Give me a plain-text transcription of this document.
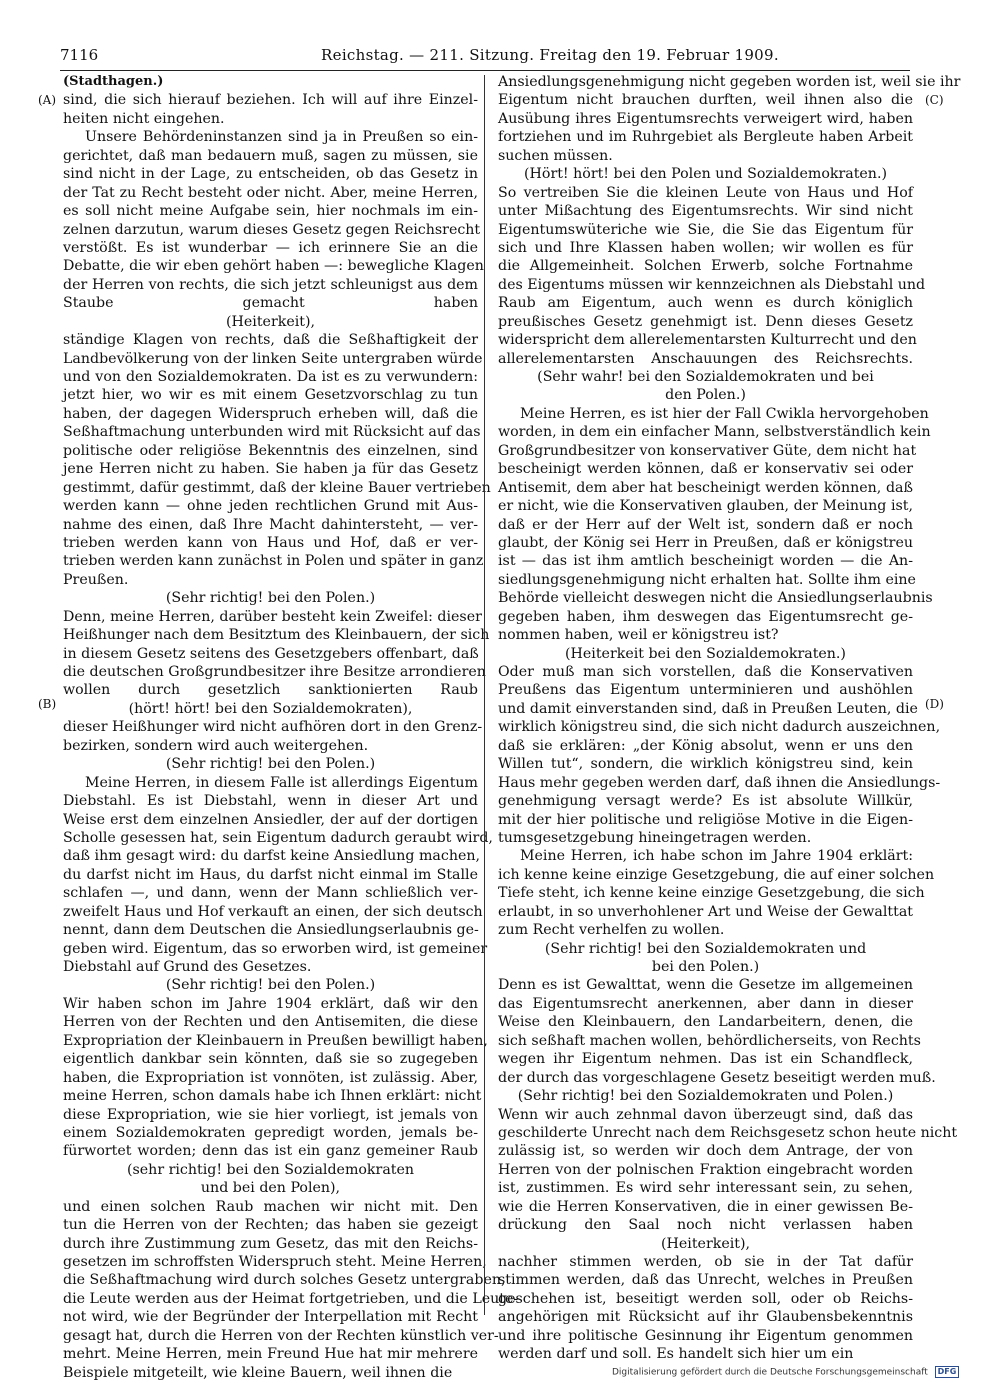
7116	Reichstag. — 211. Sitzung. Freitag den 19. Februar 1909.
(A)
(B)
(C)
(D)
(Stadthagen.)
sind, die sich hierauf beziehen. Ich will auf ihre Einzel-
heiten nicht eingehen.
Unsere Behördeninstanzen sind ja in Preußen so ein-
gerichtet, daß man bedauern muß, sagen zu müssen, sie
sind nicht in der Lage, zu entscheiden, ob das Gesetz in
der Tat zu Recht besteht oder nicht. Aber, meine Herren,
es soll nicht meine Aufgabe sein, hier nochmals im ein-
zelnen darzutun, warum dieses Gesetz gegen Reichsrecht
verstößt. Es ist wunderbar — ich erinnere Sie an die
Debatte, die wir eben gehört haben —: bewegliche Klagen
der Herren von rechts, die sich jetzt schleunigst aus dem
Staube gemacht haben
(Heiterkeit),
ständige Klagen von rechts, daß die Seßhaftigkeit der
Landbevölkerung von der linken Seite untergraben würde
und von den Sozialdemokraten. Da ist es zu verwundern:
jetzt hier, wo wir es mit einem Gesetzvorschlag zu tun
haben, der dagegen Widerspruch erheben will, daß die
Seßhaftmachung unterbunden wird mit Rücksicht auf das
politische oder religiöse Bekenntnis des einzelnen, sind
jene Herren nicht zu haben. Sie haben ja für das Gesetz
gestimmt, dafür gestimmt, daß der kleine Bauer vertrieben
werden kann — ohne jeden rechtlichen Grund mit Aus-
nahme des einen, daß Ihre Macht dahintersteht, — ver-
trieben werden kann von Haus und Hof, daß er ver-
trieben werden kann zunächst in Polen und später in ganz
Preußen.
(Sehr richtig! bei den Polen.)
Denn, meine Herren, darüber besteht kein Zweifel: dieser
Heißhunger nach dem Besitztum des Kleinbauern, der sich
in diesem Gesetz seitens des Gesetzgebers offenbart, daß
die deutschen Großgrundbesitzer ihre Besitze arrondieren
wollen durch gesetzlich sanktionierten Raub
(hört! hört! bei den Sozialdemokraten),
dieser Heißhunger wird nicht aufhören dort in den Grenz-
bezirken, sondern wird auch weitergehen.
(Sehr richtig! bei den Polen.)
Meine Herren, in diesem Falle ist allerdings Eigentum
Diebstahl. Es ist Diebstahl, wenn in dieser Art und
Weise erst dem einzelnen Ansiedler, der auf der dortigen
Scholle gesessen hat, sein Eigentum dadurch geraubt wird,
daß ihm gesagt wird: du darfst keine Ansiedlung machen,
du darfst nicht im Haus, du darfst nicht einmal im Stalle
schlafen —, und dann, wenn der Mann schließlich ver-
zweifelt Haus und Hof verkauft an einen, der sich deutsch
nennt, dann dem Deutschen die Ansiedlungserlaubnis ge-
geben wird. Eigentum, das so erworben wird, ist gemeiner
Diebstahl auf Grund des Gesetzes.
(Sehr richtig! bei den Polen.)
Wir haben schon im Jahre 1904 erklärt, daß wir den
Herren von der Rechten und den Antisemiten, die diese
Expropriation der Kleinbauern in Preußen bewilligt haben,
eigentlich dankbar sein könnten, daß sie so zugegeben
haben, die Expropriation ist vonnöten, ist zulässig. Aber,
meine Herren, schon damals habe ich Ihnen erklärt: nicht
diese Expropriation, wie sie hier vorliegt, ist jemals von
einem Sozialdemokraten gepredigt worden, jemals be-
fürwortet worden; denn das ist ein ganz gemeiner Raub
(sehr richtig! bei den Sozialdemokraten
und bei den Polen),
und einen solchen Raub machen wir nicht mit. Den
tun die Herren von der Rechten; das haben sie gezeigt
durch ihre Zustimmung zum Gesetz, das mit den Reichs-
gesetzen im schroffsten Widerspruch steht. Meine Herren,
die Seßhaftmachung wird durch solches Gesetz untergraben,
die Leute werden aus der Heimat fortgetrieben, und die Leute-
not wird, wie der Begründer der Interpellation mit Recht
gesagt hat, durch die Herren von der Rechten künstlich ver-
mehrt. Meine Herren, mein Freund Hue hat mir mehrere
Beispiele mitgeteilt, wie kleine Bauern, weil ihnen die
Ansiedlungsgenehmigung nicht gegeben worden ist, weil sie ihr
Eigentum nicht brauchen durften, weil ihnen also die
Ausübung ihres Eigentumsrechts verweigert wird, haben
fortziehen und im Ruhrgebiet als Bergleute haben Arbeit
suchen müssen.
(Hört! hört! bei den Polen und Sozialdemokraten.)
So vertreiben Sie die kleinen Leute von Haus und Hof
unter Mißachtung des Eigentumsrechts. Wir sind nicht
Eigentumswüteriche wie Sie, die Sie das Eigentum für
sich und Ihre Klassen haben wollen; wir wollen es für
die Allgemeinheit. Solchen Erwerb, solche Fortnahme
des Eigentums müssen wir kennzeichnen als Diebstahl und
Raub am Eigentum, auch wenn es durch königlich
preußisches Gesetz genehmigt ist. Denn dieses Gesetz
widerspricht dem allerelementarsten Kulturrecht und den
allerelementarsten Anschauungen des Reichsrechts.
(Sehr wahr! bei den Sozialdemokraten und bei
den Polen.)
Meine Herren, es ist hier der Fall Cwikla hervorgehoben
worden, in dem ein einfacher Mann, selbstverständlich kein
Großgrundbesitzer von konservativer Güte, dem nicht hat
bescheinigt werden können, daß er konservativ sei oder
Antisemit, dem aber hat bescheinigt werden können, daß
er nicht, wie die Konservativen glauben, der Meinung ist,
daß er der Herr auf der Welt ist, sondern daß er noch
glaubt, der König sei Herr in Preußen, daß er königstreu
ist — das ist ihm amtlich bescheinigt worden — die An-
siedlungsgenehmigung nicht erhalten hat. Sollte ihm eine
Behörde vielleicht deswegen nicht die Ansiedlungserlaubnis
gegeben haben, ihm deswegen das Eigentumsrecht ge-
nommen haben, weil er königstreu ist?
(Heiterkeit bei den Sozialdemokraten.)
Oder muß man sich vorstellen, daß die Konservativen
Preußens das Eigentum unterminieren und aushöhlen
und damit einverstanden sind, daß in Preußen Leuten, die
wirklich königstreu sind, die sich nicht dadurch auszeichnen,
daß sie erklären: „der König absolut, wenn er uns den
Willen tut“, sondern, die wirklich königstreu sind, kein
Haus mehr gegeben werden darf, daß ihnen die Ansiedlungs-
genehmigung versagt werde? Es ist absolute Willkür,
mit der hier politische und religiöse Motive in die Eigen-
tumsgesetzgebung hineingetragen werden.
Meine Herren, ich habe schon im Jahre 1904 erklärt:
ich kenne keine einzige Gesetzgebung, die auf einer solchen
Tiefe steht, ich kenne keine einzige Gesetzgebung, die sich
erlaubt, in so unverhohlener Art und Weise der Gewalttat
zum Recht verhelfen zu wollen.
(Sehr richtig! bei den Sozialdemokraten und
bei den Polen.)
Denn es ist Gewalttat, wenn die Gesetze im allgemeinen
das Eigentumsrecht anerkennen, aber dann in dieser
Weise den Kleinbauern, den Landarbeitern, denen, die
sich seßhaft machen wollen, behördlicherseits, von Rechts
wegen ihr Eigentum nehmen. Das ist ein Schandfleck,
der durch das vorgeschlagene Gesetz beseitigt werden muß.
(Sehr richtig! bei den Sozialdemokraten und Polen.)
Wenn wir auch zehnmal davon überzeugt sind, daß das
geschilderte Unrecht nach dem Reichsgesetz schon heute nicht
zulässig ist, so werden wir doch dem Antrage, der von
Herren von der polnischen Fraktion eingebracht worden
ist, zustimmen. Es wird sehr interessant sein, zu sehen,
wie die Herren Konservativen, die in einer gewissen Be-
drückung den Saal noch nicht verlassen haben
(Heiterkeit),
nachher stimmen werden, ob sie in der Tat dafür
stimmen werden, daß das Unrecht, welches in Preußen
geschehen ist, beseitigt werden soll, oder ob Reichs-
angehörigen mit Rücksicht auf ihr Glaubensbekenntnis
und ihre politische Gesinnung ihr Eigentum genommen
werden darf und soll. Es handelt sich hier um ein
Digitalisierung gefördert durch die Deutsche Forschungsgemeinschaft DFG
